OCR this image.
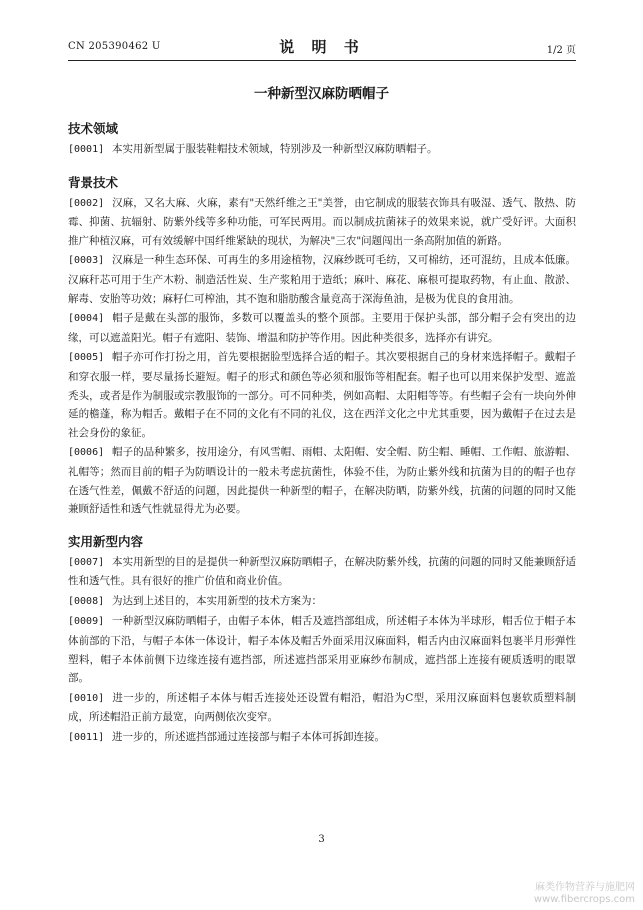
CN 205390462 U	说 明 书	1/2 页
一种新型汉麻防晒帽子
技术领域

[0001] 本实用新型属于服装鞋帽技术领域，特别涉及一种新型汉麻防晒帽子。

背景技术

[0002] 汉麻，又名大麻、火麻，素有"天然纤维之王"美誉，由它制成的服装衣饰具有吸湿、透气、散热、防霉、抑菌、抗辐射、防紫外线等多种功能，可军民两用。而以制成抗菌袜子的效果来说，就广受好评。大面积推广种植汉麻，可有效缓解中国纤维紧缺的现状，为解决"三农"问题闯出一条高附加值的新路。

[0003] 汉麻是一种生态环保、可再生的多用途植物，汉麻纱既可毛纺，又可棉纺，还可混纺，且成本低廉。汉麻秆芯可用于生产木粉、制造活性炭、生产浆粕用于造纸；麻叶、麻花、麻根可提取药物，有止血、散淤、解毒、安胎等功效；麻籽仁可榨油，其不饱和脂肪酸含量竟高于深海鱼油，是极为优良的食用油。

[0004] 帽子是戴在头部的服饰，多数可以覆盖头的整个顶部。主要用于保护头部，部分帽子会有突出的边缘，可以遮盖阳光。帽子有遮阳、装饰、增温和防护等作用。因此种类很多，选择亦有讲究。

[0005] 帽子亦可作打扮之用，首先要根据脸型选择合适的帽子。其次要根据自己的身材来选择帽子。戴帽子和穿衣服一样，要尽量扬长避短。帽子的形式和颜色等必须和服饰等相配套。帽子也可以用来保护发型、遮盖秃头，或者是作为制服或宗教服饰的一部分。可不同种类，例如高帽、太阳帽等等。有些帽子会有一块向外伸延的檐蓬，称为帽舌。戴帽子在不同的文化有不同的礼仪，这在西洋文化之中尤其重要，因为戴帽子在过去是社会身份的象征。

[0006] 帽子的品种繁多，按用途分，有风雪帽、雨帽、太阳帽、安全帽、防尘帽、睡帽、工作帽、旅游帽、礼帽等；然而目前的帽子为防晒设计的一般未考虑抗菌性，体验不佳，为防止紫外线和抗菌为目的的帽子也存在透气性差，佩戴不舒适的问题，因此提供一种新型的帽子，在解决防晒，防紫外线，抗菌的问题的同时又能兼顾舒适性和透气性就显得尤为必要。

实用新型内容

[0007] 本实用新型的目的是提供一种新型汉麻防晒帽子，在解决防紫外线，抗菌的问题的同时又能兼顾舒适性和透气性。具有很好的推广价值和商业价值。

[0008] 为达到上述目的，本实用新型的技术方案为：

[0009] 一种新型汉麻防晒帽子，由帽子本体，帽舌及遮挡部组成，所述帽子本体为半球形，帽舌位于帽子本体前部的下沿，与帽子本体一体设计，帽子本体及帽舌外面采用汉麻面料，帽舌内由汉麻面料包裹半月形弹性塑料，帽子本体前侧下边缘连接有遮挡部，所述遮挡部采用亚麻纱布制成，遮挡部上连接有硬质透明的眼罩部。

[0010] 进一步的，所述帽子本体与帽舌连接处还设置有帽沿，帽沿为C型，采用汉麻面料包裹软质塑料制成，所述帽沿正前方最宽，向两侧依次变窄。

[0011] 进一步的，所述遮挡部通过连接部与帽子本体可拆卸连接。

3
麻类作物营养与施肥网
www.fibercrops.com
